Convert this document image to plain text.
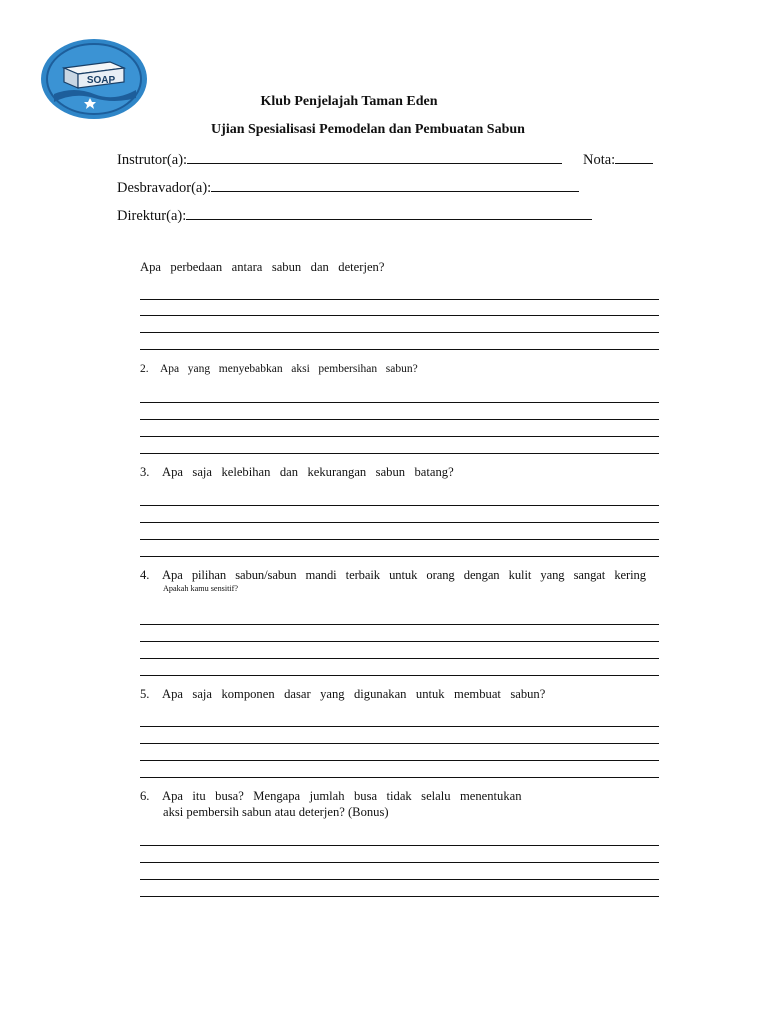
SOAP
Klub Penjelajah Taman Eden
Ujian Spesialisasi Pemodelan dan Pembuatan Sabun
Instrutor(a):	Nota:
Desbravador(a):
Direktur(a):
Apa   perbedaan   antara   sabun   dan   deterjen?
2. Apa   yang   menyebabkan   aksi   pembersihan   sabun?
3. Apa   saja   kelebihan   dan   kekurangan   sabun   batang?
4. Apa   pilihan   sabun/sabun   mandi   terbaik   untuk   orang   dengan   kulit   yang   sangat   kering
Apakah kamu sensitif?
5. Apa   saja   komponen   dasar   yang   digunakan   untuk   membuat   sabun?
6. Apa   itu   busa?   Mengapa   jumlah   busa   tidak   selalu   menentukan
aksi pembersih sabun atau deterjen? (Bonus)
